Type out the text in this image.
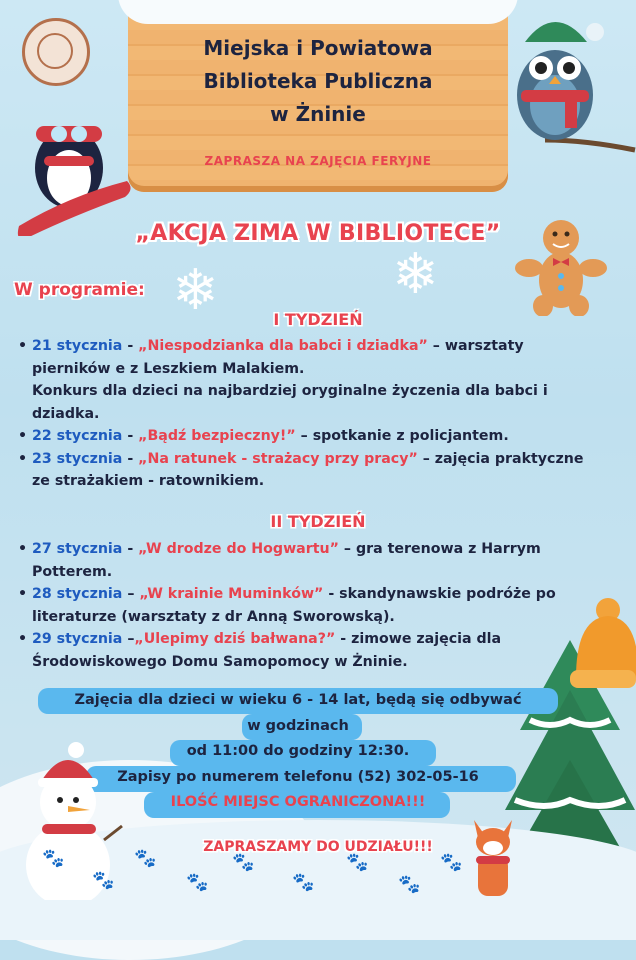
Miejska i Powiatowa
Biblioteka Publiczna
w Żninie
ZAPRASZA NA ZAJĘCIA FERYJNE
❄	❄
„AKCJA ZIMA W BIBLIOTECE”
W programie:
I TYDZIEŃ
• 21 stycznia - „Niespodzianka dla babci i dziadka” – warsztaty pierników e z Leszkiem Malakiem.
Konkurs dla dzieci na najbardziej oryginalne życzenia dla babci i dziadka.
• 22 stycznia - „Bądź bezpieczny!” – spotkanie z policjantem.
• 23 stycznia - „Na ratunek - strażacy przy pracy” – zajęcia praktyczne ze strażakiem - ratownikiem.
II TYDZIEŃ
• 27 stycznia - „W drodze do Hogwartu” – gra terenowa z Harrym Potterem.
• 28 stycznia – „W krainie Muminków” - skandynawskie podróże po literaturze (warsztaty z dr Anną Sworowską).
• 29 stycznia –„Ulepimy dziś bałwana?” - zimowe zajęcia dla Środowiskowego Domu Samopomocy w Żninie.
Zajęcia dla dzieci w wieku 6 - 14 lat, będą się odbywać
w godzinach
od 11:00 do godziny 12:30.
Zapisy po numerem telefonu (52) 302-05-16
ILOŚĆ MIEJSC OGRANICZONA!!!
🐾
🐾
🐾
🐾
🐾
🐾
🐾
🐾
🐾
ZAPRASZAMY DO UDZIAŁU!!!
